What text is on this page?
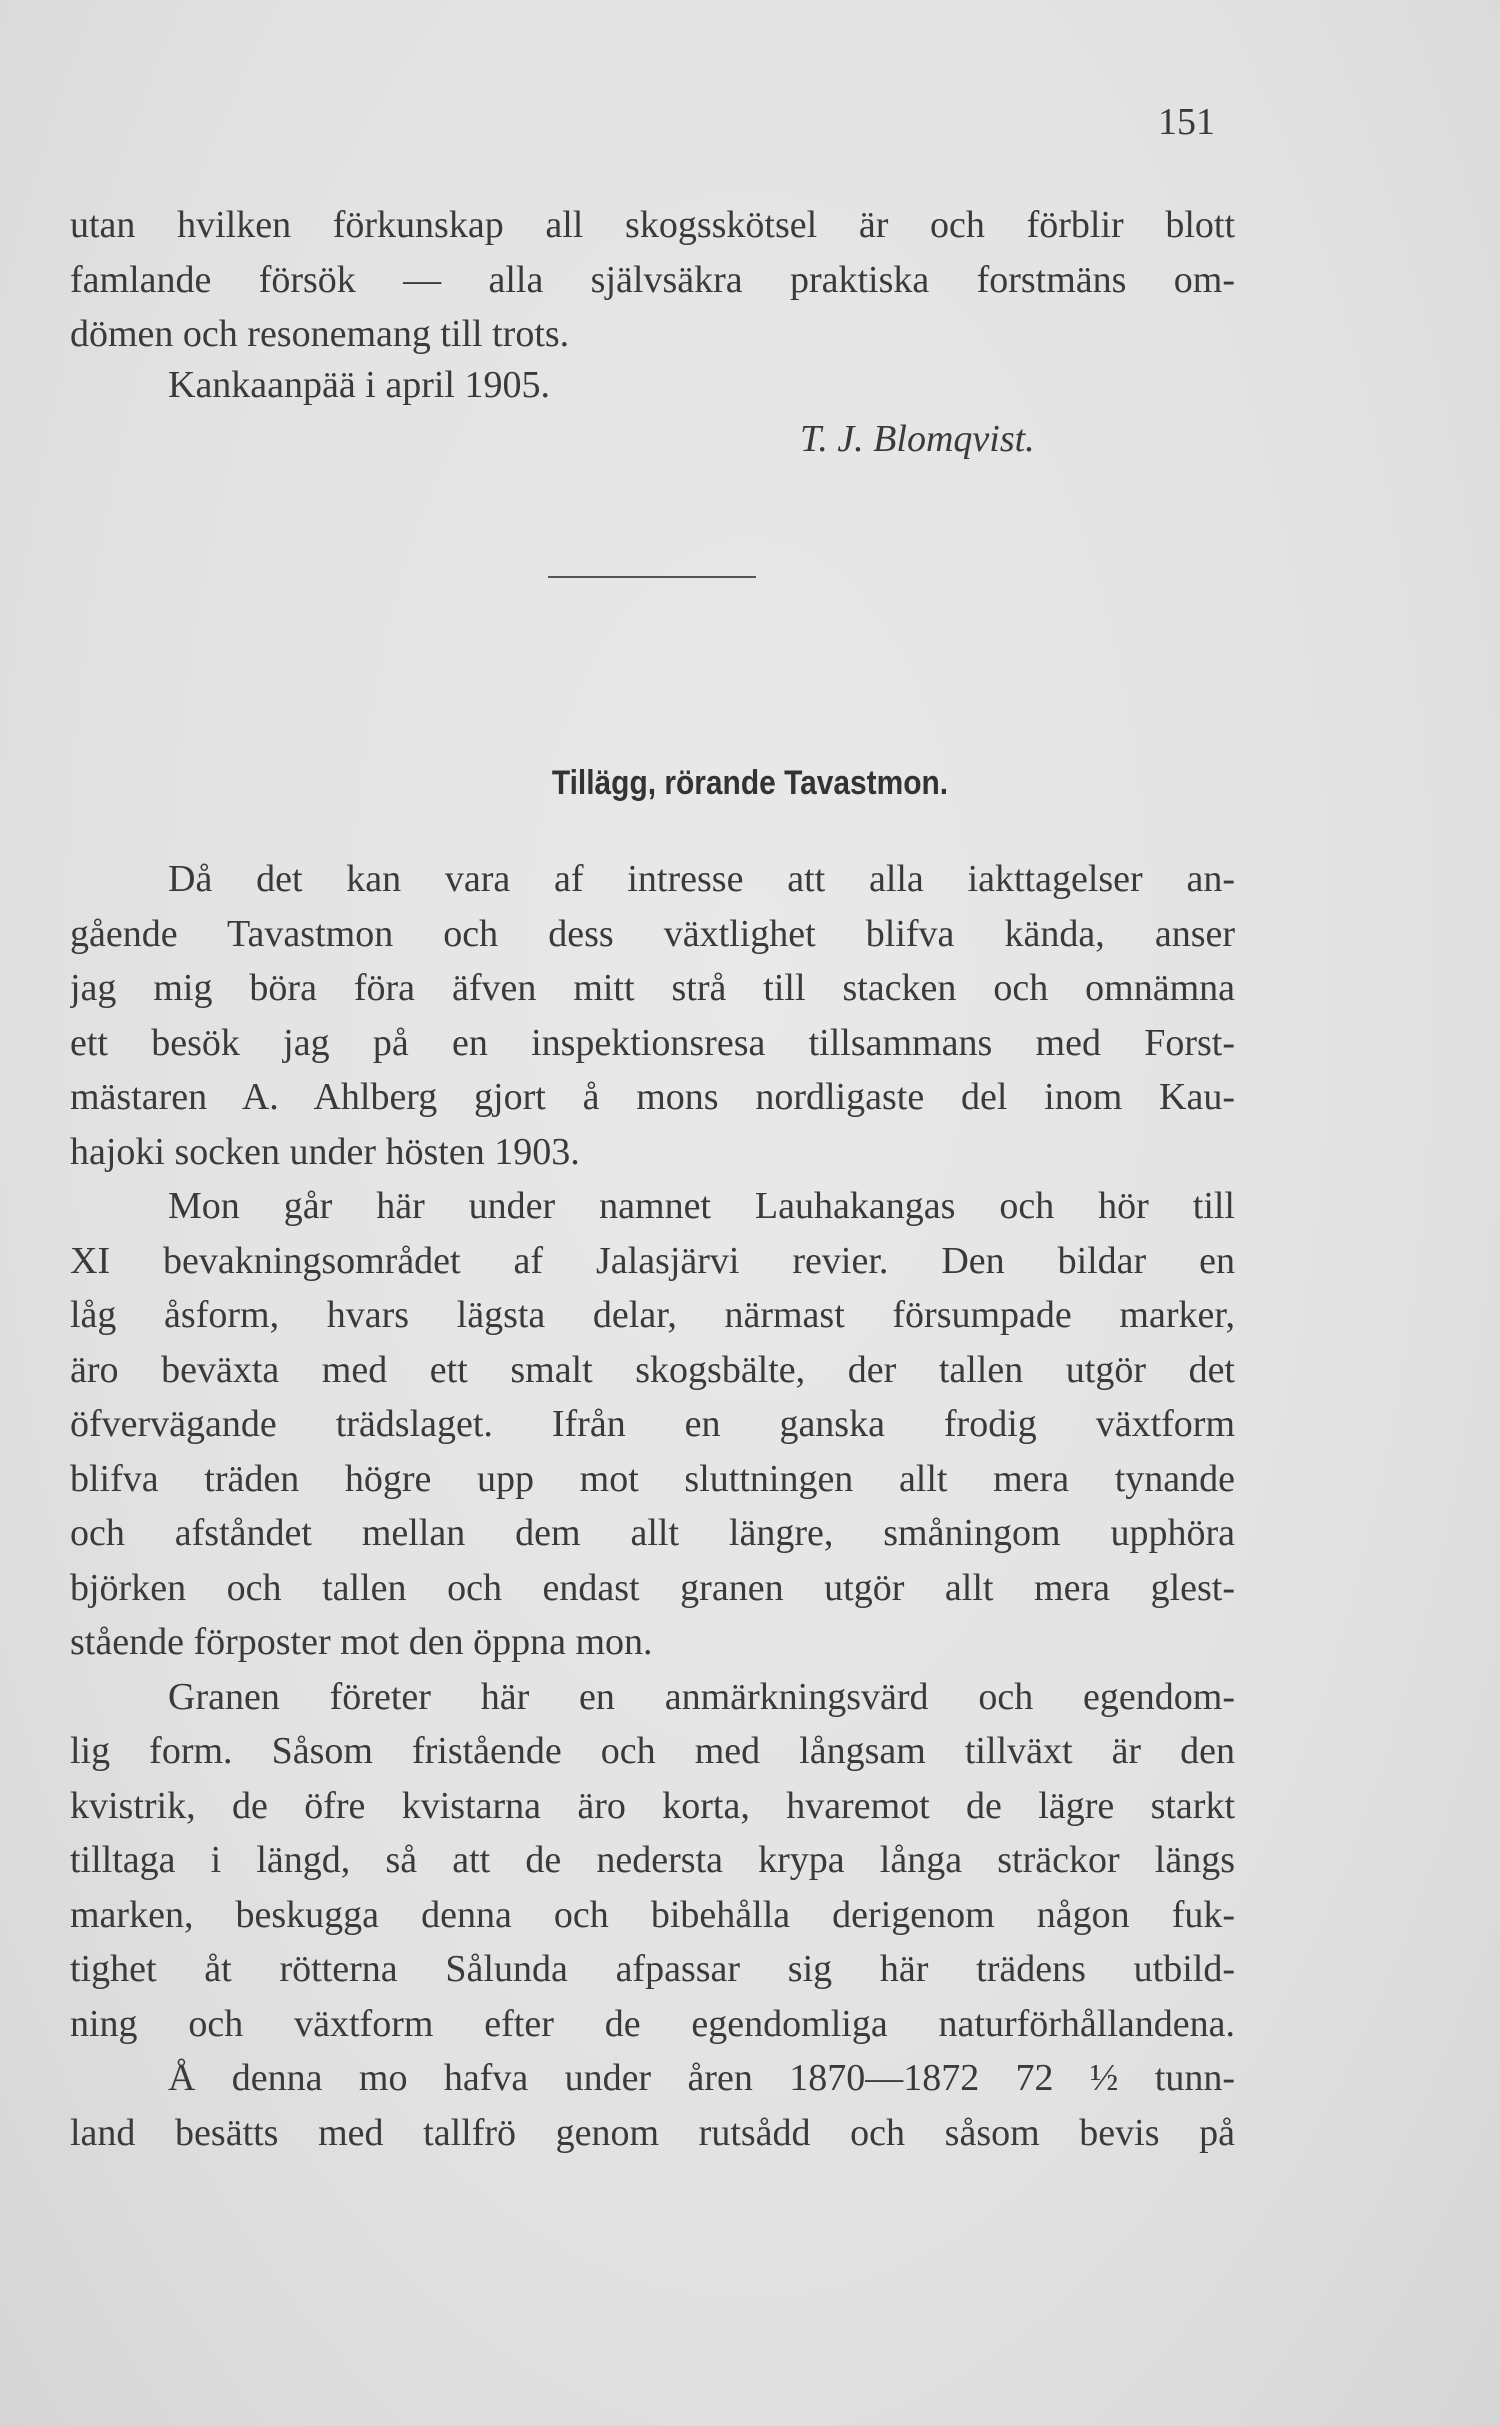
151
utan hvilken förkunskap all skogsskötsel är och förblir blott
famlande försök — alla självsäkra praktiska forstmäns om-
dömen och resonemang till trots.
Kankaanpää i april 1905.
T. J. Blomqvist.
Tillägg, rörande Tavastmon.
Då det kan vara af intresse att alla iakttagelser an-
gående Tavastmon och dess växtlighet blifva kända, anser
jag mig böra föra äfven mitt strå till stacken och omnämna
ett besök jag på en inspektionsresa tillsammans med Forst-
mästaren A. Ahlberg gjort å mons nordligaste del inom Kau-
hajoki socken under hösten 1903.
Mon går här under namnet Lauhakangas och hör till
XI bevakningsområdet af Jalasjärvi revier. Den bildar en
låg åsform, hvars lägsta delar, närmast försumpade marker,
äro beväxta med ett smalt skogsbälte, der tallen utgör det
öfvervägande trädslaget. Ifrån en ganska frodig växtform
blifva träden högre upp mot sluttningen allt mera tynande
och afståndet mellan dem allt längre, småningom upphöra
björken och tallen och endast granen utgör allt mera glest-
stående förposter mot den öppna mon.
Granen företer här en anmärkningsvärd och egendom-
lig form. Såsom fristående och med långsam tillväxt är den
kvistrik, de öfre kvistarna äro korta, hvaremot de lägre starkt
tilltaga i längd, så att de nedersta krypa långa sträckor längs
marken, beskugga denna och bibehålla derigenom någon fuk-
tighet åt rötterna Sålunda afpassar sig här trädens utbild-
ning och växtform efter de egendomliga naturförhållandena.
Å denna mo hafva under åren 1870—1872 72 ½ tunn-
land besätts med tallfrö genom rutsådd och såsom bevis på
